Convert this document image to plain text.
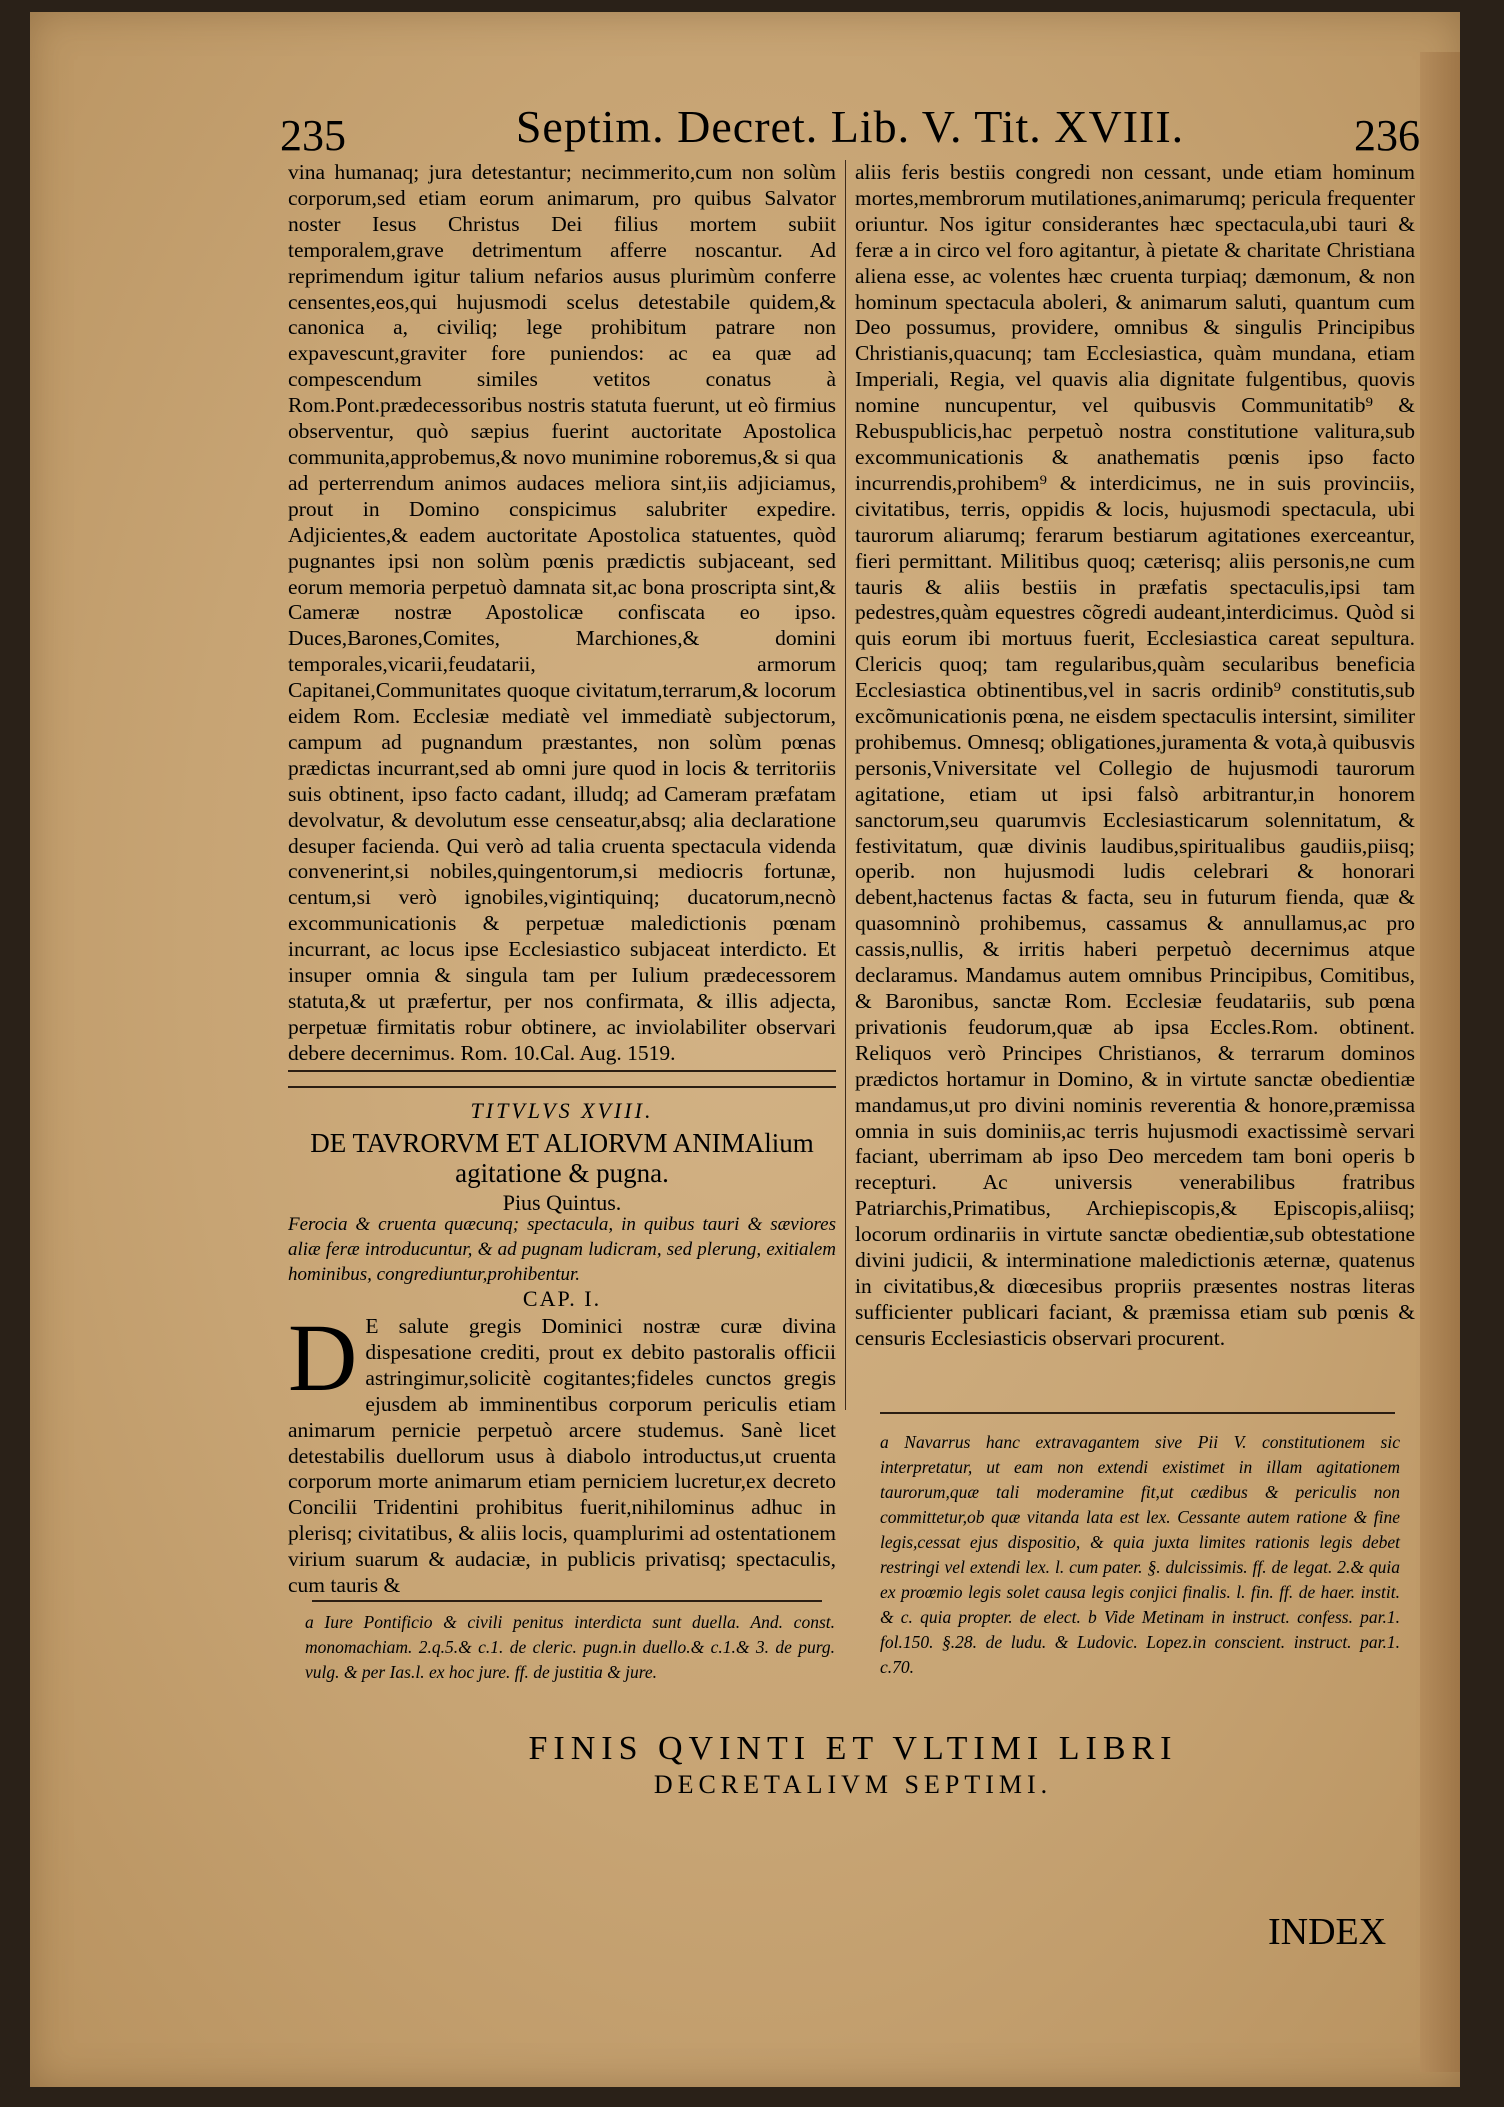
235	Septim. Decret. Lib. V. Tit. XVIII.	236

vina humanaq; jura detestantur; necimmerito,cum non solùm corporum,sed etiam eorum animarum, pro quibus Salvator noster Iesus Christus Dei filius mortem subiit temporalem,grave detrimentum afferre noscantur. Ad reprimendum igitur talium nefarios ausus plurimùm conferre censentes,eos,qui hujusmodi scelus detestabile quidem,& canonica a, civiliq; lege prohibitum patrare non expavescunt,graviter fore puniendos: ac ea quæ ad compescendum similes vetitos conatus à Rom.Pont.prædecessoribus nostris statuta fuerunt, ut eò firmius observentur, quò sæpius fuerint auctoritate Apostolica communita,approbemus,& novo munimine roboremus,& si qua ad perterrendum animos audaces meliora sint,iis adjiciamus, prout in Domino conspicimus salubriter expedire. Adjicientes,& eadem auctoritate Apostolica statuentes, quòd pugnantes ipsi non solùm pœnis prædictis subjaceant, sed eorum memoria perpetuò damnata sit,ac bona proscripta sint,& Cameræ nostræ Apostolicæ confiscata eo ipso. Duces,Barones,Comites, Marchiones,& domini temporales,vicarii,feudatarii, armorum Capitanei,Communitates quoque civitatum,terrarum,& locorum eidem Rom. Ecclesiæ mediatè vel immediatè subjectorum, campum ad pugnandum præstantes, non solùm pœnas prædictas incurrant,sed ab omni jure quod in locis & territoriis suis obtinent, ipso facto cadant, illudq; ad Cameram præfatam devolvatur, & devolutum esse censeatur,absq; alia declaratione desuper facienda. Qui verò ad talia cruenta spectacula videnda convenerint,si nobiles,quingentorum,si mediocris fortunæ, centum,si verò ignobiles,vigintiquinq; ducatorum,necnò excommunicationis & perpetuæ maledictionis pœnam incurrant, ac locus ipse Ecclesiastico subjaceat interdicto. Et insuper omnia & singula tam per Iulium prædecessorem statuta,& ut præfertur, per nos confirmata, & illis adjecta, perpetuæ firmitatis robur obtinere, ac inviolabiliter observari debere decernimus. Rom. 10.Cal. Aug. 1519.

TITVLVS XVIII.
DE TAVRORVM ET ALIORVM ANIMAlium agitatione & pugna.
Pius Quintus.
Ferocia & cruenta quæcunq; spectacula, in quibus tauri & sæviores aliæ feræ introducuntur, & ad pugnam ludicram, sed plerung, exitialem hominibus, congrediuntur,prohibentur.
CAP. I.
D E salute gregis Dominici nostræ curæ divina dispesatione crediti, prout ex debito pastoralis officii astringimur,solicitè cogitantes;fideles cunctos gregis ejusdem ab imminentibus corporum periculis etiam animarum pernicie perpetuò arcere studemus. Sanè licet detestabilis duellorum usus à diabolo introductus,ut cruenta corporum morte animarum etiam perniciem lucretur,ex decreto Concilii Tridentini prohibitus fuerit,nihilominus adhuc in plerisq; civitatibus, & aliis locis, quamplurimi ad ostentationem virium suarum & audaciæ, in publicis privatisq; spectaculis, cum tauris &
a Iure Pontificio & civili penitus interdicta sunt duella. And. const. monomachiam. 2.q.5.& c.1. de cleric. pugn.in duello.& c.1.& 3. de purg. vulg. & per Ias.l. ex hoc jure. ff. de justitia & jure.

aliis feris bestiis congredi non cessant, unde etiam hominum mortes,membrorum mutilationes,animarumq; pericula frequenter oriuntur. Nos igitur considerantes hæc spectacula,ubi tauri & feræ a in circo vel foro agitantur, à pietate & charitate Christiana aliena esse, ac volentes hæc cruenta turpiaq; dæmonum, & non hominum spectacula aboleri, & animarum saluti, quantum cum Deo possumus, providere, omnibus & singulis Principibus Christianis,quacunq; tam Ecclesiastica, quàm mundana, etiam Imperiali, Regia, vel quavis alia dignitate fulgentibus, quovis nomine nuncupentur, vel quibusvis Communitatib⁹ & Rebuspublicis,hac perpetuò nostra constitutione valitura,sub excommunicationis & anathematis pœnis ipso facto incurrendis,prohibem⁹ & interdicimus, ne in suis provinciis, civitatibus, terris, oppidis & locis, hujusmodi spectacula, ubi taurorum aliarumq; ferarum bestiarum agitationes exerceantur, fieri permittant. Militibus quoq; cæterisq; aliis personis,ne cum tauris & aliis bestiis in præfatis spectaculis,ipsi tam pedestres,quàm equestres cõgredi audeant,interdicimus. Quòd si quis eorum ibi mortuus fuerit, Ecclesiastica careat sepultura. Clericis quoq; tam regularibus,quàm secularibus beneficia Ecclesiastica obtinentibus,vel in sacris ordinib⁹ constitutis,sub excõmunicationis pœna, ne eisdem spectaculis intersint, similiter prohibemus. Omnesq; obligationes,juramenta & vota,à quibusvis personis,Vniversitate vel Collegio de hujusmodi taurorum agitatione, etiam ut ipsi falsò arbitrantur,in honorem sanctorum,seu quarumvis Ecclesiasticarum solennitatum, & festivitatum, quæ divinis laudibus,spiritualibus gaudiis,piisq; operib. non hujusmodi ludis celebrari & honorari debent,hactenus factas & facta, seu in futurum fienda, quæ & quasomninò prohibemus, cassamus & annullamus,ac pro cassis,nullis, & irritis haberi perpetuò decernimus atque declaramus. Mandamus autem omnibus Principibus, Comitibus, & Baronibus, sanctæ Rom. Ecclesiæ feudatariis, sub pœna privationis feudorum,quæ ab ipsa Eccles.Rom. obtinent. Reliquos verò Principes Christianos, & terrarum dominos prædictos hortamur in Domino, & in virtute sanctæ obedientiæ mandamus,ut pro divini nominis reverentia & honore,præmissa omnia in suis dominiis,ac terris hujusmodi exactissimè servari faciant, uberrimam ab ipso Deo mercedem tam boni operis b recepturi. Ac universis venerabilibus fratribus Patriarchis,Primatibus, Archiepiscopis,& Episcopis,aliisq; locorum ordinariis in virtute sanctæ obedientiæ,sub obtestatione divini judicii, & interminatione maledictionis æternæ, quatenus in civitatibus,& diœcesibus propriis præsentes nostras literas sufficienter publicari faciant, & præmissa etiam sub pœnis & censuris Ecclesiasticis observari procurent.

a Navarrus hanc extravagantem sive Pii V. constitutionem sic interpretatur, ut eam non extendi existimet in illam agitationem taurorum,quæ tali moderamine fit,ut cædibus & periculis non committetur,ob quæ vitanda lata est lex. Cessante autem ratione & fine legis,cessat ejus dispositio, & quia juxta limites rationis legis debet restringi vel extendi lex. l. cum pater. §. dulcissimis. ff. de legat. 2.& quia ex proœmio legis solet causa legis conjici finalis. l. fin. ff. de haer. instit. & c. quia propter. de elect. b Vide Metinam in instruct. confess. par.1. fol.150. §.28. de ludu. & Ludovic. Lopez.in conscient. instruct. par.1. c.70.
FINIS QVINTI ET VLTIMI LIBRI
DECRETALIVM SEPTIMI.
INDEX
